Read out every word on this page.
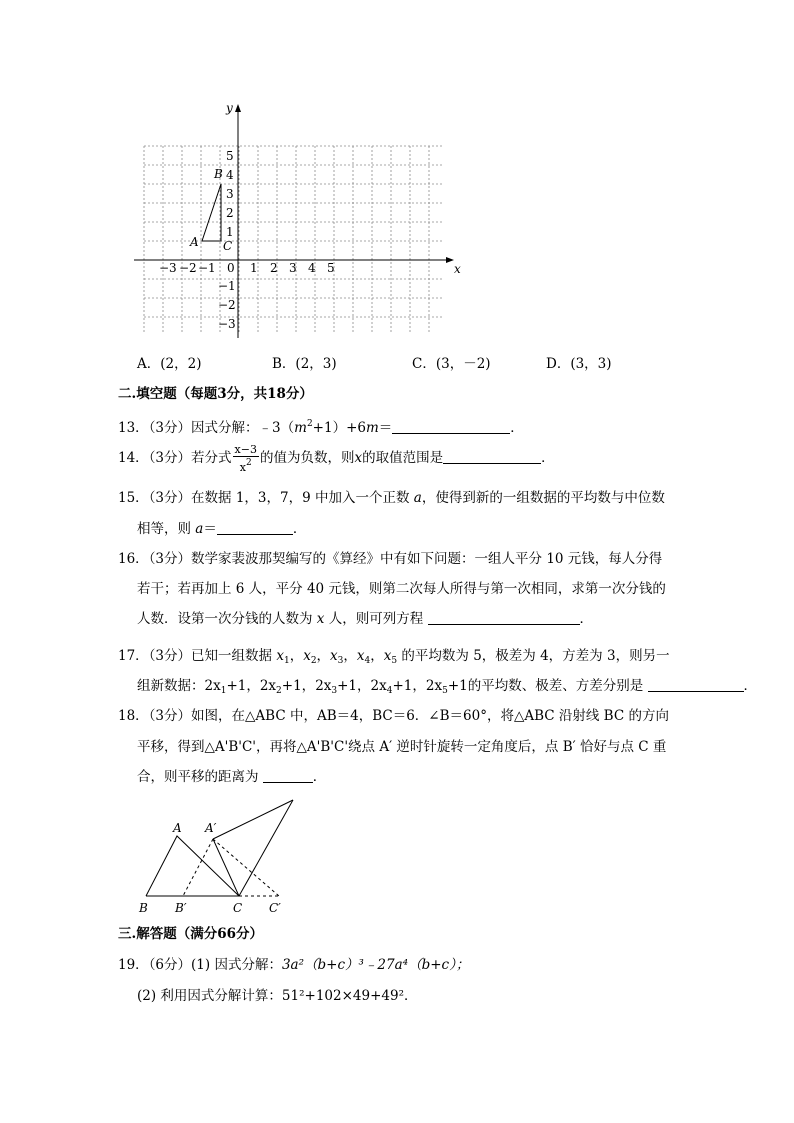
x
y
0
−3 −2 −1	1 2 3 4 5
5
4
3
2
1
−1
−2
−3
A
B
C
A．(2，2)	B．(2，3)	C．(3，－2)	D．(3，3)
二.填空题（每题3分，共18分）
13．（3分）因式分解：$﹣3(m^2+1)+6m=$	．
14．（3分）若分式 $\frac{x-3}{x^2}$ 的值为负数，则x的取值范围是	．
15．（3分）在数据 1，3，7，9 中加入一个正数 a，使得到新的一组数据的平均数与中位数
相等，则 a＝	．
16．（3分）数学家裴波那契编写的《算经》中有如下问题：一组人平分 10 元钱，每人分得
若干；若再加上 6 人，平分 40 元钱，则第二次每人所得与第一次相同，求第一次分钱的
人数．设第一次分钱的人数为 x 人，则可列方程	．
17．（3分）已知一组数据 $x_1$，$x_2$，$x_3$，$x_4$，$x_5$ 的平均数为 5，极差为 4，方差为 3，则另一
组新数据：$2x_1+1$，$2x_2+1$，$2x_3+1$，$2x_4+1$，$2x_5+1$的平均数、极差、方差分别是	．
18．（3分）如图，在△ABC 中，AB＝4，BC＝6．∠B＝60°，将△ABC 沿射线 BC 的方向
平移，得到△A'B'C'，再将△A'B'C'绕点 A′ 逆时针旋转一定角度后，点 B′ 恰好与点 C 重
合，则平移的距离为	．
A A′
B B′	C C′
三.解答题（满分66分）
19．（6分）(1) 因式分解：3a²（b+c）³﹣27a⁴（b+c）；
(2) 利用因式分解计算：51²+102×49+49²．
